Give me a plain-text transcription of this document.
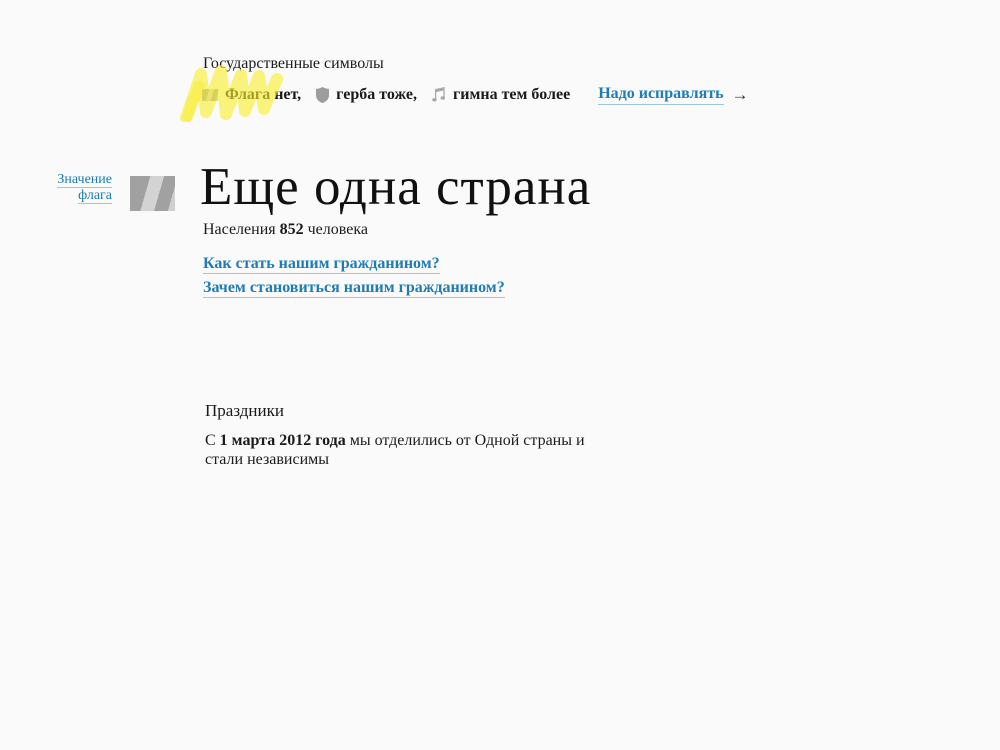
Государственные символы
Флага нет, герба тоже, гимна тем более Надо исправлять →
Значение флага Еще одна страна
Населения 852 человека
Как стать нашим гражданином?
Зачем становиться нашим гражданином?
Праздники

С 1 марта 2012 года мы отделились от Одной страны и стали независимы
